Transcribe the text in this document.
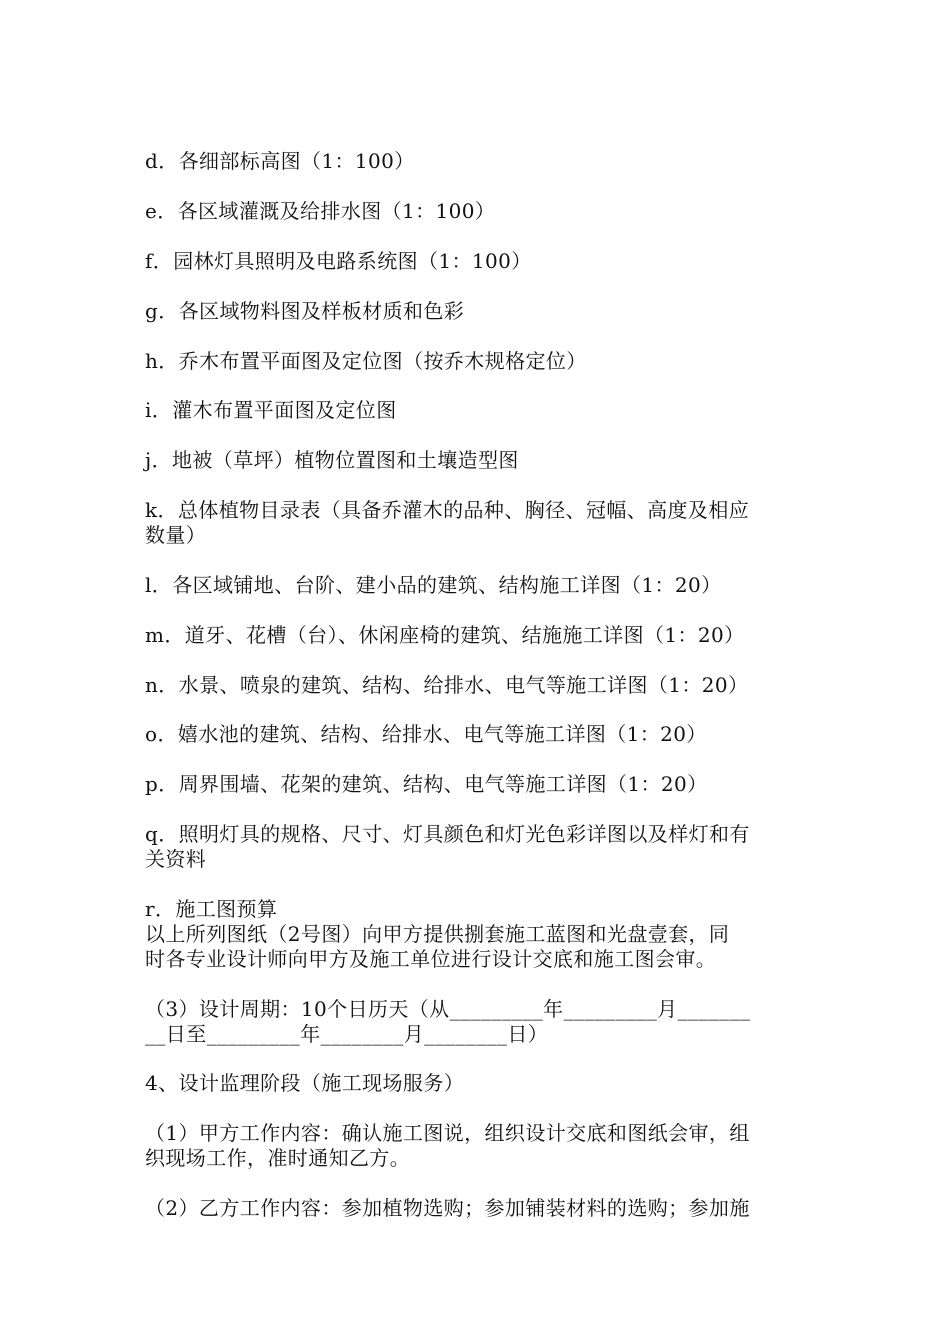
d．各细部标高图（1：100）
e．各区域灌溉及给排水图（1：100）
f．园林灯具照明及电路系统图（1：100）
g．各区域物料图及样板材质和色彩
h．乔木布置平面图及定位图（按乔木规格定位）
i．灌木布置平面图及定位图
j．地被（草坪）植物位置图和土壤造型图
k．总体植物目录表（具备乔灌木的品种、胸径、冠幅、高度及相应
数量）
l．各区域铺地、台阶、建小品的建筑、结构施工详图（1：20）
m．道牙、花槽（台）、休闲座椅的建筑、结施施工详图（1：20）
n．水景、喷泉的建筑、结构、给排水、电气等施工详图（1：20）
o．嬉水池的建筑、结构、给排水、电气等施工详图（1：20）
p．周界围墙、花架的建筑、结构、电气等施工详图（1：20）
q．照明灯具的规格、尺寸、灯具颜色和灯光色彩详图以及样灯和有
关资料
r．施工图预算
以上所列图纸（2号图）向甲方提供捌套施工蓝图和光盘壹套，同
时各专业设计师向甲方及施工单位进行设计交底和施工图会审。
（3）设计周期：10个日历天（从_________年_________月_______
__日至_________年________月________日）
4、设计监理阶段（施工现场服务）
（1）甲方工作内容：确认施工图说，组织设计交底和图纸会审，组
织现场工作，准时通知乙方。
（2）乙方工作内容：参加植物选购；参加铺装材料的选购；参加施
